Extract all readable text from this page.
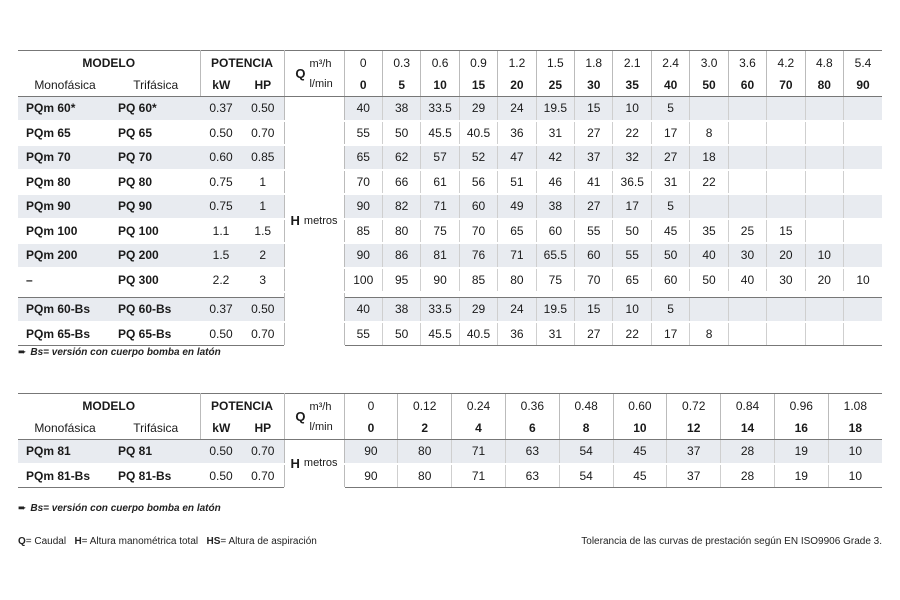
MODELO		POTENCIA		Q
m³/h
l/min	0	0.3	0.6	0.9	1.2	1.5	1.8	2.1	2.4	3.0	3.6	4.2	4.8	5.4
Monofásica	Trifásica	kW	HP		0	5	10	15	20	25	30	35	40	50	60	70	80	90
PQm 60*	PQ 60*	0.37	0.50	H metros	40	38	33.5	29	24	19.5	15	10	5					
PQm 65	PQ 65	0.50	0.70		55	50	45.5	40.5	36	31	27	22	17	8				
PQm 70	PQ 70	0.60	0.85		65	62	57	52	47	42	37	32	27	18				
PQm 80	PQ 80	0.75	1		70	66	61	56	51	46	41	36.5	31	22				
PQm 90	PQ 90	0.75	1		90	82	71	60	49	38	27	17	5					
PQm 100	PQ 100	1.1	1.5		85	80	75	70	65	60	55	50	45	35	25	15		
PQm 200	PQ 200	1.5	2		90	86	81	76	71	65.5	60	55	50	40	30	20	10	
–	PQ 300	2.2	3		100	95	90	85	80	75	70	65	60	50	40	30	20	10

PQm 60-Bs	PQ 60-Bs	0.37	0.50		40	38	33.5	29	24	19.5	15	10	5					
PQm 65-Bs	PQ 65-Bs	0.50	0.70		55	50	45.5	40.5	36	31	27	22	17	8				
➨ Bs= versión con cuerpo bomba en latón
MODELO		POTENCIA		Q
m³/h
l/min	0	0.12	0.24	0.36	0.48	0.60	0.72	0.84	0.96	1.08
Monofásica	Trifásica	kW	HP		0	2	4	6	8	10	12	14	16	18
PQm 81	PQ 81	0.50	0.70	H metros	90	80	71	63	54	45	37	28	19	10
PQm 81-Bs	PQ 81-Bs	0.50	0.70		90	80	71	63	54	45	37	28	19	10
➨ Bs= versión con cuerpo bomba en latón
Q= Caudal H= Altura manométrica total HS= Altura de aspiración	Tolerancia de las curvas de prestación según EN ISO9906 Grade 3.
